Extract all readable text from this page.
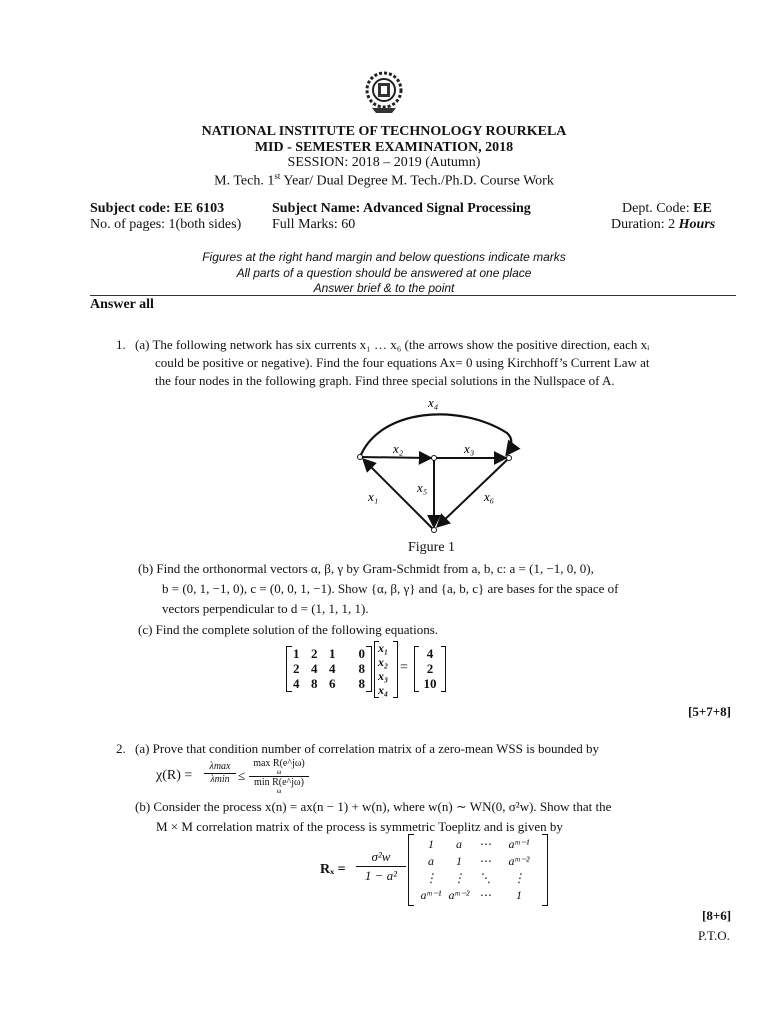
NATIONAL INSTITUTE OF TECHNOLOGY ROURKELA
MID - SEMESTER EXAMINATION, 2018
SESSION: 2018 – 2019 (Autumn)
M. Tech. 1st Year/ Dual Degree M. Tech./Ph.D. Course Work
Subject code: EE 6103
No. of pages: 1(both sides)
Subject Name: Advanced Signal Processing
Full Marks: 60
Dept. Code: EE
Duration: 2 Hours
Figures at the right hand margin and below questions indicate marks
All parts of a question should be answered at one place
Answer brief & to the point
Answer all
1. (a) The following network has six currents x₁ … x₆ (the arrows show the positive direction, each xᵢ
could be positive or negative). Find the four equations Ax= 0 using Kirchhoff’s Current Law at
the four nodes in the following graph. Find three special solutions in the Nullspace of A.
x₄
x₂	x₃
x₅
x₁	x₆
Figure 1
(b) Find the orthonormal vectors α, β, γ by Gram-Schmidt from a, b, c: a = (1, −1, 0, 0),
b = (0, 1, −1, 0), c = (0, 0, 1, −1). Show {α, β, γ} and {a, b, c} are bases for the space of
vectors perpendicular to d = (1, 1, 1, 1).
(c) Find the complete solution of the following equations.
1 2 1 0
2 4 4 8
4 8 6 8
x₁
x₂
x₃
x₄
=
4
2
10
[5+7+8]
2. (a) Prove that condition number of correlation matrix of a zero-mean WSS is bounded by
χ(R) =
λmax
λmin ≤
max R(e^jω)
ω
min R(e^jω)
ω
(b) Consider the process x(n) = ax(n − 1) + w(n), where w(n) ∼ WN(0, σ²w). Show that the
M × M correlation matrix of the process is symmetric Toeplitz and is given by
Rₓ =
σ²w
1 − a²
1 a ⋯ aᵐ⁻¹
a 1 ⋯ aᵐ⁻²
⋮ ⋮ ⋱ ⋮
aᵐ⁻¹ aᵐ⁻² ⋯ 1
[8+6]
P.T.O.
